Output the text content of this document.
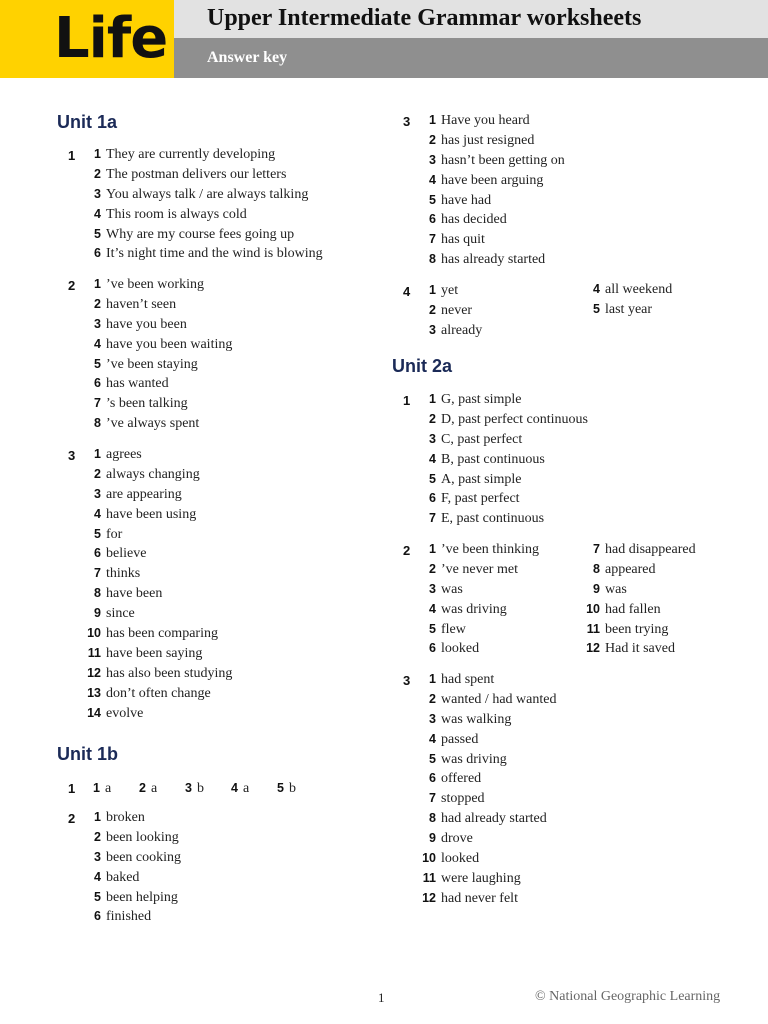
Life Upper Intermediate Grammar worksheets
Answer key
Unit 1a
1	1 They are currently developing
2 The postman delivers our letters
3 You always talk / are always talking
4 This room is always cold
5 Why are my course fees going up
6 It’s night time and the wind is blowing
2	1 ’ve been working
2 haven’t seen
3 have you been
4 have you been waiting
5 ’ve been staying
6 has wanted
7 ’s been talking
8 ’ve always spent
3	1 agrees
2 always changing
3 are appearing
4 have been using
5 for
6 believe
7 thinks
8 have been
9 since
10 has been comparing
11 have been saying
12 has also been studying
13 don’t often change
14 evolve
Unit 1b
1 1 a 2 a 3 b 4 a 5 b
2	1 broken
2 been looking
3 been cooking
4 baked
5 been helping
6 finished
3	1 Have you heard
2 has just resigned
3 hasn’t been getting on
4 have been arguing
5 have had
6 has decided
7 has quit
8 has already started
4	1 yet
2 never
3 already
4 all weekend
5 last year
Unit 2a
1	1 G, past simple
2 D, past perfect continuous
3 C, past perfect
4 B, past continuous
5 A, past simple
6 F, past perfect
7 E, past continuous
2	1 ’ve been thinking
2 ’ve never met
3 was
4 was driving
5 flew
6 looked
7 had disappeared
8 appeared
9 was
10 had fallen
11 been trying
12 Had it saved
3	1 had spent
2 wanted / had wanted
3 was walking
4 passed
5 was driving
6 offered
7 stopped
8 had already started
9 drove
10 looked
11 were laughing
12 had never felt
1	© National Geographic Learning
